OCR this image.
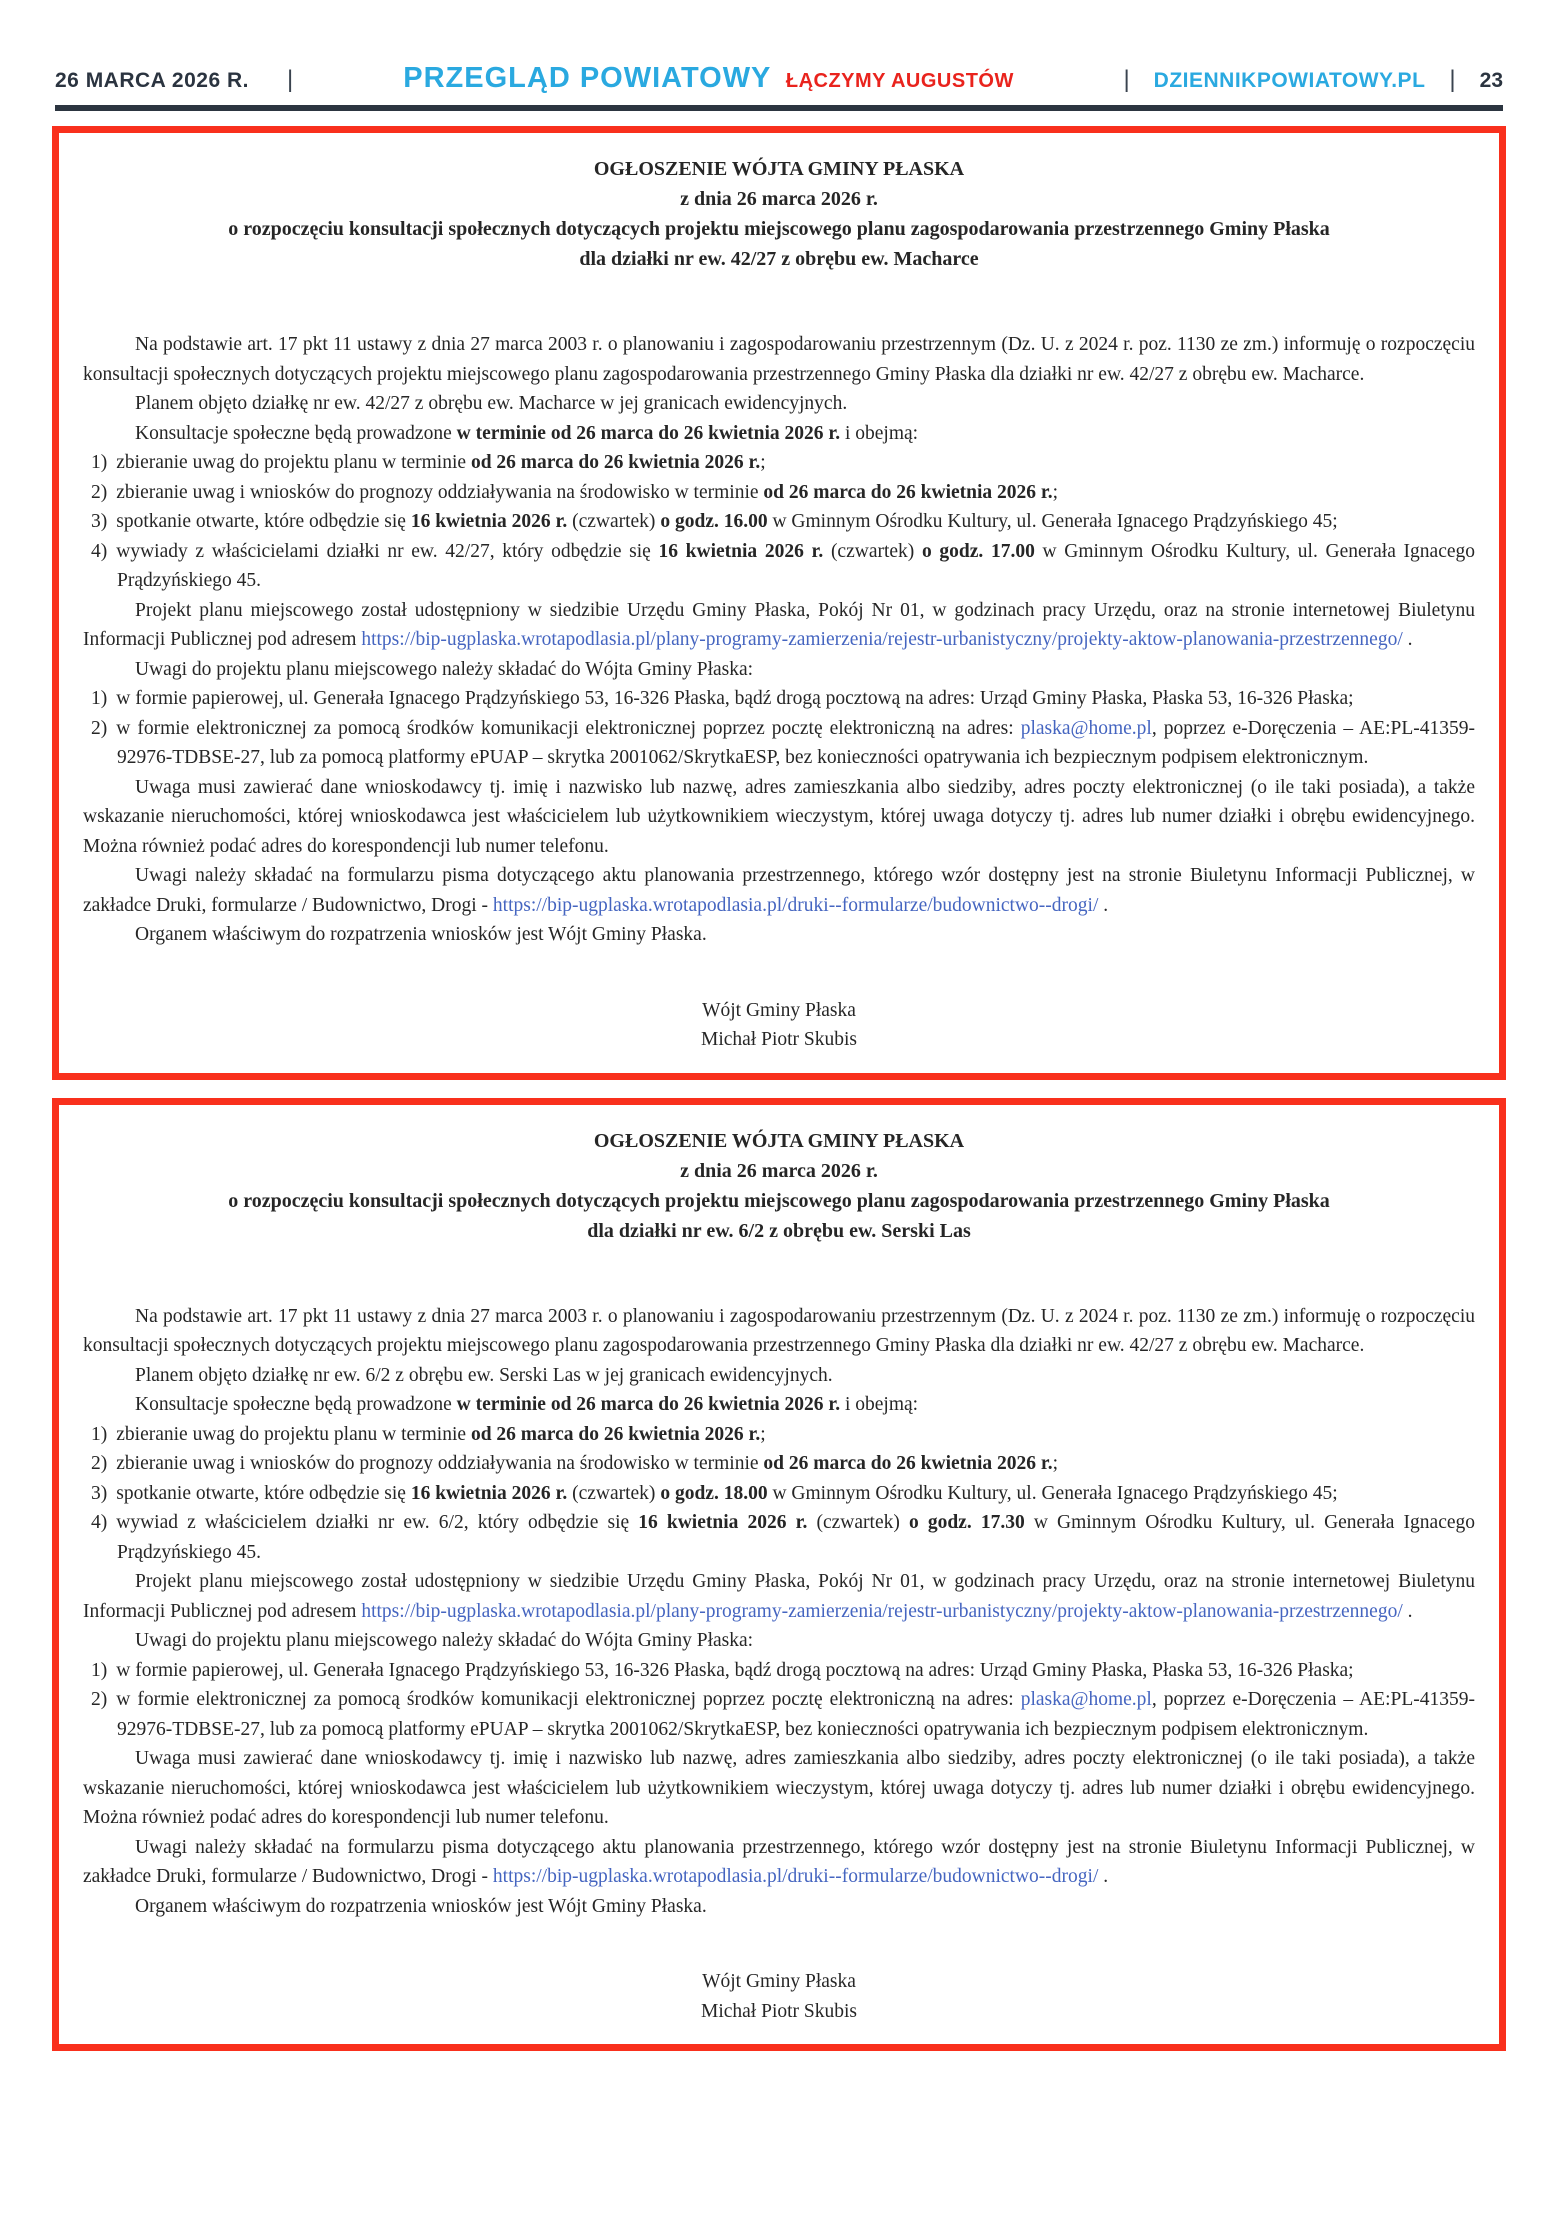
26 MARCA 2026 R. |	PRZEGLĄD POWIATOWY ŁĄCZYMY AUGUSTÓW	| DZIENNIKPOWIATOWY.PL | 23
OGŁOSZENIE WÓJTA GMINY PŁASKA
z dnia 26 marca 2026 r.
o rozpoczęciu konsultacji społecznych dotyczących projektu miejscowego planu zagospodarowania przestrzennego Gminy Płaska
dla działki nr ew. 42/27 z obrębu ew. Macharce

Na podstawie art. 17 pkt 11 ustawy z dnia 27 marca 2003 r. o planowaniu i zagospodarowaniu przestrzennym (Dz. U. z 2024 r. poz. 1130 ze zm.) informuję o rozpoczęciu konsultacji społecznych dotyczących projektu miejscowego planu zagospodarowania przestrzennego Gminy Płaska dla działki nr ew. 42/27 z obrębu ew. Macharce.

Planem objęto działkę nr ew. 42/27 z obrębu ew. Macharce w jej granicach ewidencyjnych.

Konsultacje społeczne będą prowadzone w terminie od 26 marca do 26 kwietnia 2026 r. i obejmą:

1) zbieranie uwag do projektu planu w terminie od 26 marca do 26 kwietnia 2026 r.;

2) zbieranie uwag i wniosków do prognozy oddziaływania na środowisko w terminie od 26 marca do 26 kwietnia 2026 r.;

3) spotkanie otwarte, które odbędzie się 16 kwietnia 2026 r. (czwartek) o godz. 16.00 w Gminnym Ośrodku Kultury, ul. Generała Ignacego Prądzyńskiego 45;

4) wywiady z właścicielami działki nr ew. 42/27, który odbędzie się 16 kwietnia 2026 r. (czwartek) o godz. 17.00 w Gminnym Ośrodku Kultury, ul. Generała Ignacego Prądzyńskiego 45.

Projekt planu miejscowego został udostępniony w siedzibie Urzędu Gminy Płaska, Pokój Nr 01, w godzinach pracy Urzędu, oraz na stronie internetowej Biuletynu Informacji Publicznej pod adresem https://bip-ugplaska.wrotapodlasia.pl/plany-programy-zamierzenia/rejestr-urbanistyczny/projekty-aktow-planowania-przestrzennego/ .

Uwagi do projektu planu miejscowego należy składać do Wójta Gminy Płaska:

1) w formie papierowej, ul. Generała Ignacego Prądzyńskiego 53, 16-326 Płaska, bądź drogą pocztową na adres: Urząd Gminy Płaska, Płaska 53, 16-326 Płaska;

2) w formie elektronicznej za pomocą środków komunikacji elektronicznej poprzez pocztę elektroniczną na adres: plaska@home.pl, poprzez e-Doręczenia – AE:PL-41359-92976-TDBSE-27, lub za pomocą platformy ePUAP – skrytka 2001062/SkrytkaESP, bez konieczności opatrywania ich bezpiecznym podpisem elektronicznym.

Uwaga musi zawierać dane wnioskodawcy tj. imię i nazwisko lub nazwę, adres zamieszkania albo siedziby, adres poczty elektronicznej (o ile taki posiada), a także wskazanie nieruchomości, której wnioskodawca jest właścicielem lub użytkownikiem wieczystym, której uwaga dotyczy tj. adres lub numer działki i obrębu ewidencyjnego. Można również podać adres do korespondencji lub numer telefonu.

Uwagi należy składać na formularzu pisma dotyczącego aktu planowania przestrzennego, którego wzór dostępny jest na stronie Biuletynu Informacji Publicznej, w zakładce Druki, formularze / Budownictwo, Drogi - https://bip-ugplaska.wrotapodlasia.pl/druki--formularze/budownictwo--drogi/ .

Organem właściwym do rozpatrzenia wniosków jest Wójt Gminy Płaska.

Wójt Gminy Płaska
Michał Piotr Skubis
OGŁOSZENIE WÓJTA GMINY PŁASKA
z dnia 26 marca 2026 r.
o rozpoczęciu konsultacji społecznych dotyczących projektu miejscowego planu zagospodarowania przestrzennego Gminy Płaska
dla działki nr ew. 6/2 z obrębu ew. Serski Las

Na podstawie art. 17 pkt 11 ustawy z dnia 27 marca 2003 r. o planowaniu i zagospodarowaniu przestrzennym (Dz. U. z 2024 r. poz. 1130 ze zm.) informuję o rozpoczęciu konsultacji społecznych dotyczących projektu miejscowego planu zagospodarowania przestrzennego Gminy Płaska dla działki nr ew. 42/27 z obrębu ew. Macharce.

Planem objęto działkę nr ew. 6/2 z obrębu ew. Serski Las w jej granicach ewidencyjnych.

Konsultacje społeczne będą prowadzone w terminie od 26 marca do 26 kwietnia 2026 r. i obejmą:

1) zbieranie uwag do projektu planu w terminie od 26 marca do 26 kwietnia 2026 r.;

2) zbieranie uwag i wniosków do prognozy oddziaływania na środowisko w terminie od 26 marca do 26 kwietnia 2026 r.;

3) spotkanie otwarte, które odbędzie się 16 kwietnia 2026 r. (czwartek) o godz. 18.00 w Gminnym Ośrodku Kultury, ul. Generała Ignacego Prądzyńskiego 45;

4) wywiad z właścicielem działki nr ew. 6/2, który odbędzie się 16 kwietnia 2026 r. (czwartek) o godz. 17.30 w Gminnym Ośrodku Kultury, ul. Generała Ignacego Prądzyńskiego 45.

Projekt planu miejscowego został udostępniony w siedzibie Urzędu Gminy Płaska, Pokój Nr 01, w godzinach pracy Urzędu, oraz na stronie internetowej Biuletynu Informacji Publicznej pod adresem https://bip-ugplaska.wrotapodlasia.pl/plany-programy-zamierzenia/rejestr-urbanistyczny/projekty-aktow-planowania-przestrzennego/ .

Uwagi do projektu planu miejscowego należy składać do Wójta Gminy Płaska:

1) w formie papierowej, ul. Generała Ignacego Prądzyńskiego 53, 16-326 Płaska, bądź drogą pocztową na adres: Urząd Gminy Płaska, Płaska 53, 16-326 Płaska;

2) w formie elektronicznej za pomocą środków komunikacji elektronicznej poprzez pocztę elektroniczną na adres: plaska@home.pl, poprzez e-Doręczenia – AE:PL-41359-92976-TDBSE-27, lub za pomocą platformy ePUAP – skrytka 2001062/SkrytkaESP, bez konieczności opatrywania ich bezpiecznym podpisem elektronicznym.

Uwaga musi zawierać dane wnioskodawcy tj. imię i nazwisko lub nazwę, adres zamieszkania albo siedziby, adres poczty elektronicznej (o ile taki posiada), a także wskazanie nieruchomości, której wnioskodawca jest właścicielem lub użytkownikiem wieczystym, której uwaga dotyczy tj. adres lub numer działki i obrębu ewidencyjnego. Można również podać adres do korespondencji lub numer telefonu.

Uwagi należy składać na formularzu pisma dotyczącego aktu planowania przestrzennego, którego wzór dostępny jest na stronie Biuletynu Informacji Publicznej, w zakładce Druki, formularze / Budownictwo, Drogi - https://bip-ugplaska.wrotapodlasia.pl/druki--formularze/budownictwo--drogi/ .

Organem właściwym do rozpatrzenia wniosków jest Wójt Gminy Płaska.

Wójt Gminy Płaska
Michał Piotr Skubis
